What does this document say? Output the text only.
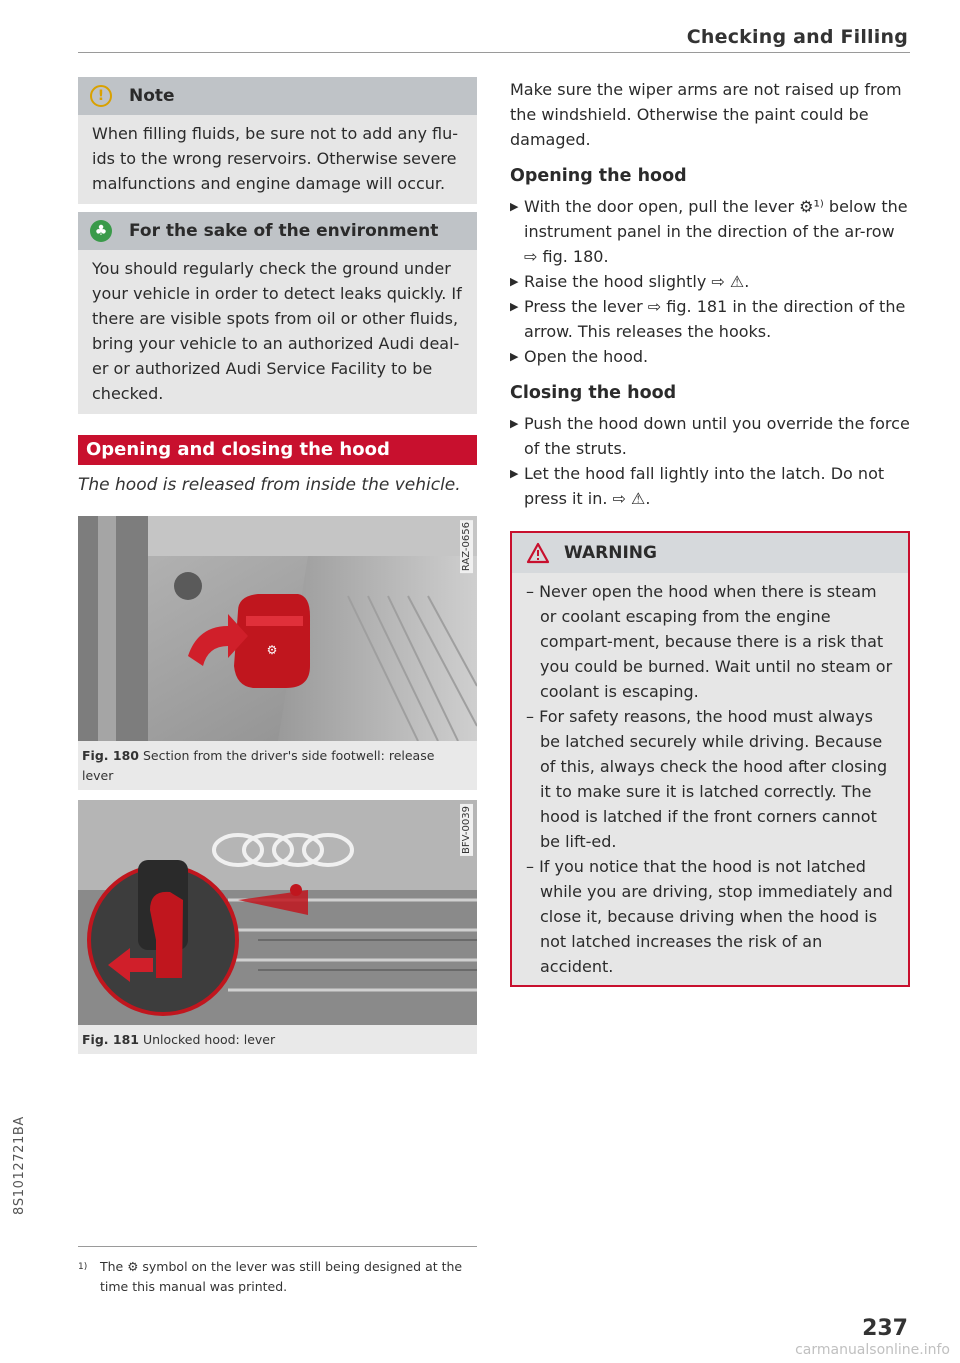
Checking and Filling
8S1012721BA
!	Note
When filling fluids, be sure not to add any flu-ids to the wrong reservoirs. Otherwise severe malfunctions and engine damage will occur.
♣ For the sake of the environment
You should regularly check the ground under your vehicle in order to detect leaks quickly. If there are visible spots from oil or other fluids, bring your vehicle to an authorized Audi deal-er or authorized Audi Service Facility to be checked.
Opening and closing the hood
The hood is released from inside the vehicle.
⚙
RAZ-0656
Fig. 180 Section from the driver's side footwell: release lever
BFV-0039
Fig. 181 Unlocked hood: lever
Make sure the wiper arms are not raised up from the windshield. Otherwise the paint could be damaged.
Opening the hood
▶ With the door open, pull the lever ⚙¹⁾ below the instrument panel in the direction of the ar-row ⇨ fig. 180.
▶ Raise the hood slightly ⇨ ⚠.
▶ Press the lever ⇨ fig. 181 in the direction of the arrow. This releases the hooks.
▶ Open the hood.
Closing the hood
▶ Push the hood down until you override the force of the struts.
▶ Let the hood fall lightly into the latch. Do not press it in. ⇨ ⚠.
WARNING
– Never open the hood when there is steam or coolant escaping from the engine compart-ment, because there is a risk that you could be burned. Wait until no steam or coolant is escaping.
– For safety reasons, the hood must always be latched securely while driving. Because of this, always check the hood after closing it to make sure it is latched correctly. The hood is latched if the front corners cannot be lift-ed.
– If you notice that the hood is not latched while you are driving, stop immediately and close it, because driving when the hood is not latched increases the risk of an accident.
1) The ⚙ symbol on the lever was still being designed at the time this manual was printed.
237
carmanualsonline.info
